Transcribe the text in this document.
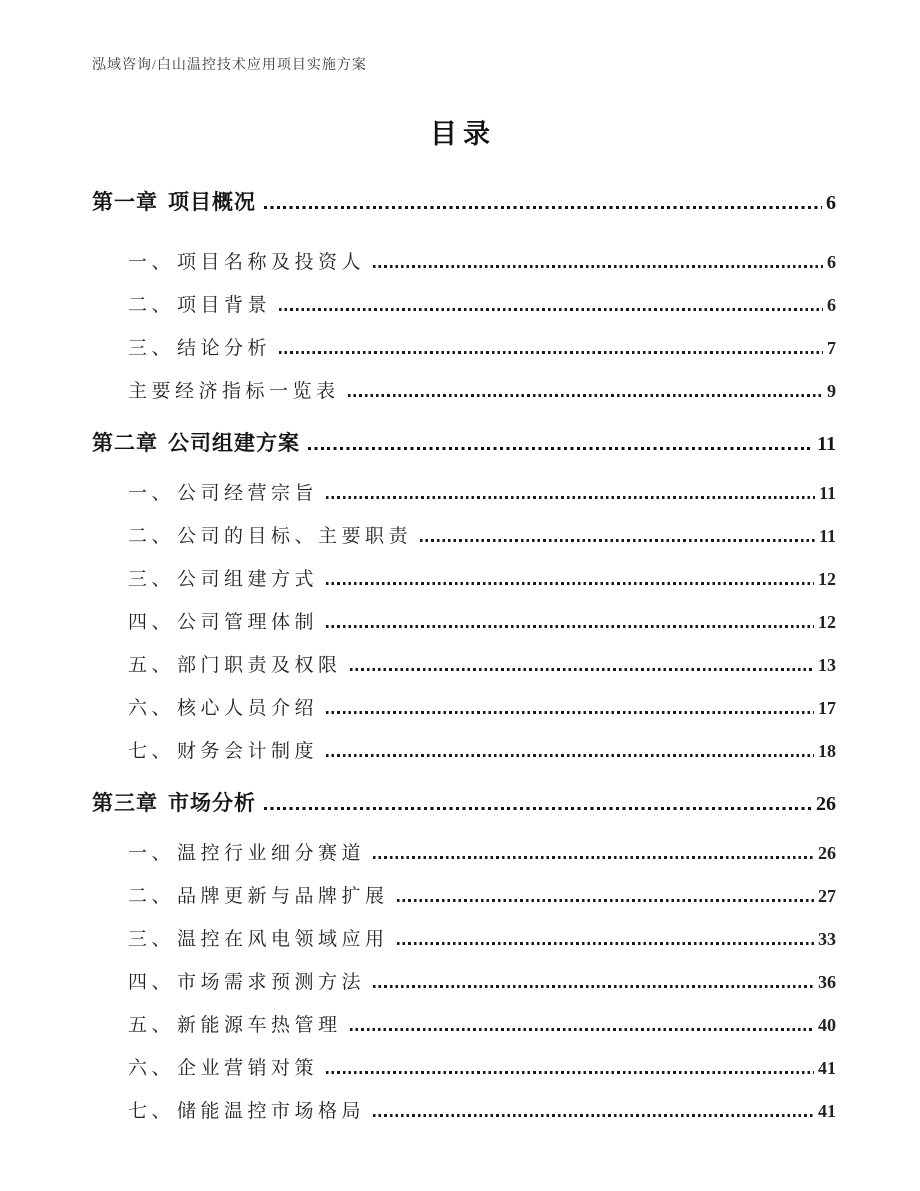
泓域咨询/白山温控技术应用项目实施方案
目录
第一章 项目概况	6
一、 项目名称及投资人	6
二、 项目背景	6
三、 结论分析	7
主要经济指标一览表	9
第二章 公司组建方案	11
一、 公司经营宗旨	11
二、 公司的目标、主要职责	11
三、 公司组建方式	12
四、 公司管理体制	12
五、 部门职责及权限	13
六、 核心人员介绍	17
七、 财务会计制度	18
第三章 市场分析	26
一、 温控行业细分赛道	26
二、 品牌更新与品牌扩展	27
三、 温控在风电领域应用	33
四、 市场需求预测方法	36
五、 新能源车热管理	40
六、 企业营销对策	41
七、 储能温控市场格局	41
